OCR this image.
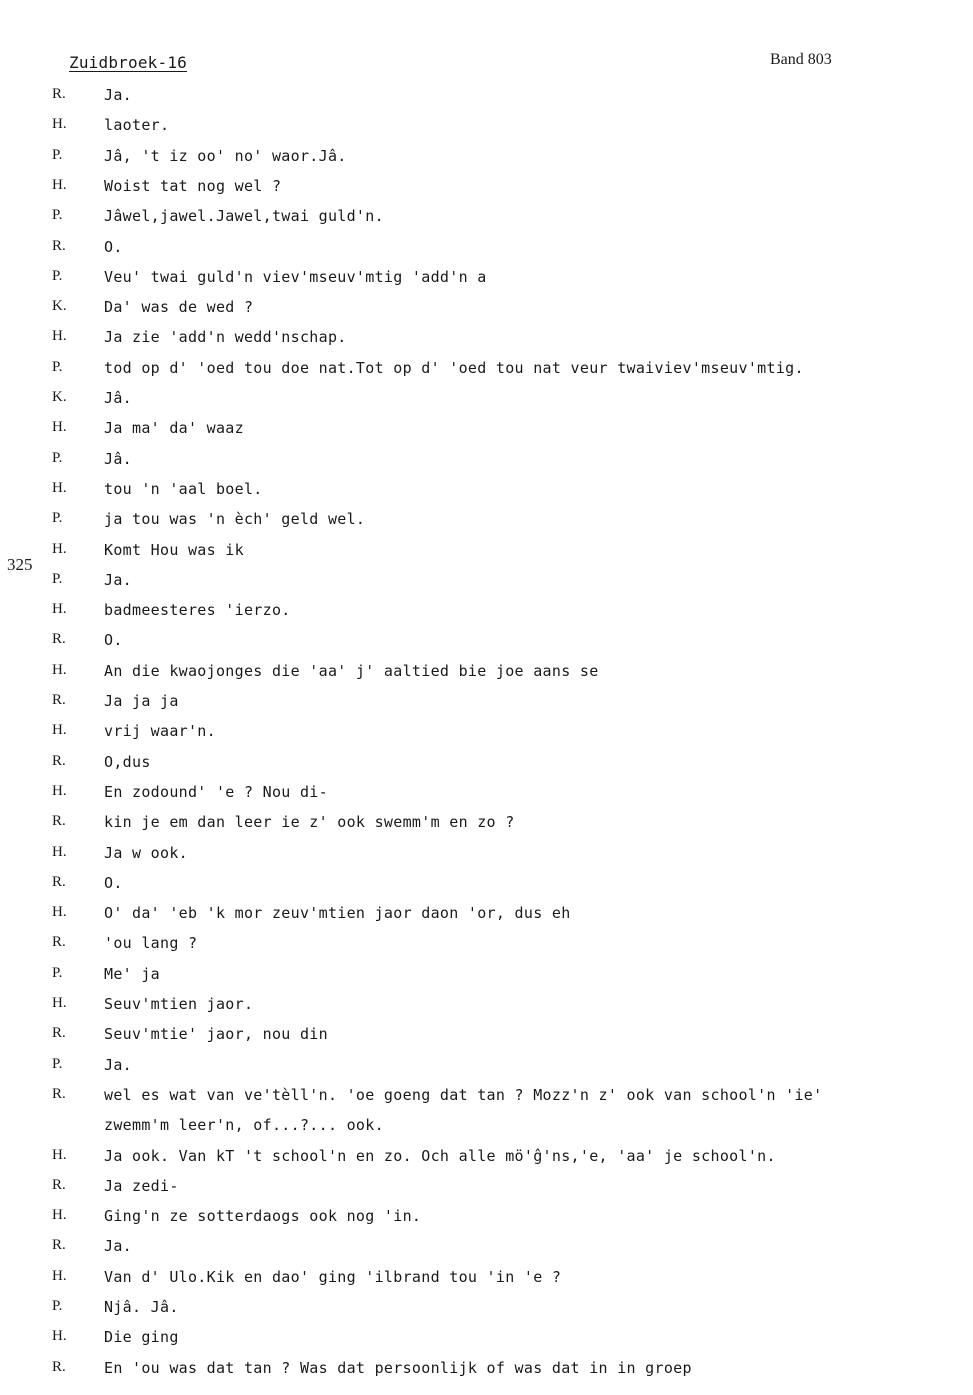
Zuidbroek-16	Band 803
325
R.	Ja.
H. laoter.
P.	Jâ, 't iz oo' no' waor.Jâ.
H. Woist tat nog wel ?
P.	Jâwel,jawel.Jawel,twai guld'n.
R.	O.
P.	Veu' twai guld'n viev'mseuv'mtig 'add'n a
K. Da' was de wed ?
H. Ja zie 'add'n wedd'nschap.
P.	tod op d' 'oed tou doe nat.Tot op d' 'oed tou nat veur twaiviev'mseuv'mtig.
K. Jâ.
H. Ja ma' da' waaz
P.	Jâ.
H. tou 'n 'aal boel.
P.	ja tou was 'n èch' geld wel.
H. Komt Hou was ik
P.	Ja.
H. badmeesteres 'ierzo.
R.	O.
H. An die kwaojonges die 'aa' j' aaltied bie joe aans se
R.	Ja ja ja
H. vrij waar'n.
R.	O,dus
H. En zodound' 'e ? Nou di-
R.	kin je em dan leer ie z' ook swemm'm en zo ?
H. Ja w ook.
R.	O.
H. O' da' 'eb 'k mor zeuv'mtien jaor daon 'or, dus eh
R.	'ou lang ?
P.	Me' ja
H. Seuv'mtien jaor.
R.	Seuv'mtie' jaor, nou din
P.	Ja.
R.	wel es wat van ve'tèll'n. 'oe goeng dat tan ? Mozz'n z' ook van school'n 'ie'
zwemm'm leer'n, of...?... ook.
H. Ja ook. Van kT 't school'n en zo. Och alle mö'ĝ'ns,'e, 'aa' je school'n.
R.	Ja zedi-
H. Ging'n ze sotterdaogs ook nog 'in.
R.	Ja.
H. Van d' Ulo.Kik en dao' ging 'ilbrand tou 'in 'e ?
P.	Njâ. Jâ.
H. Die ging
R.	En 'ou was dat tan ? Was dat persoonlijk of was dat in in groep
